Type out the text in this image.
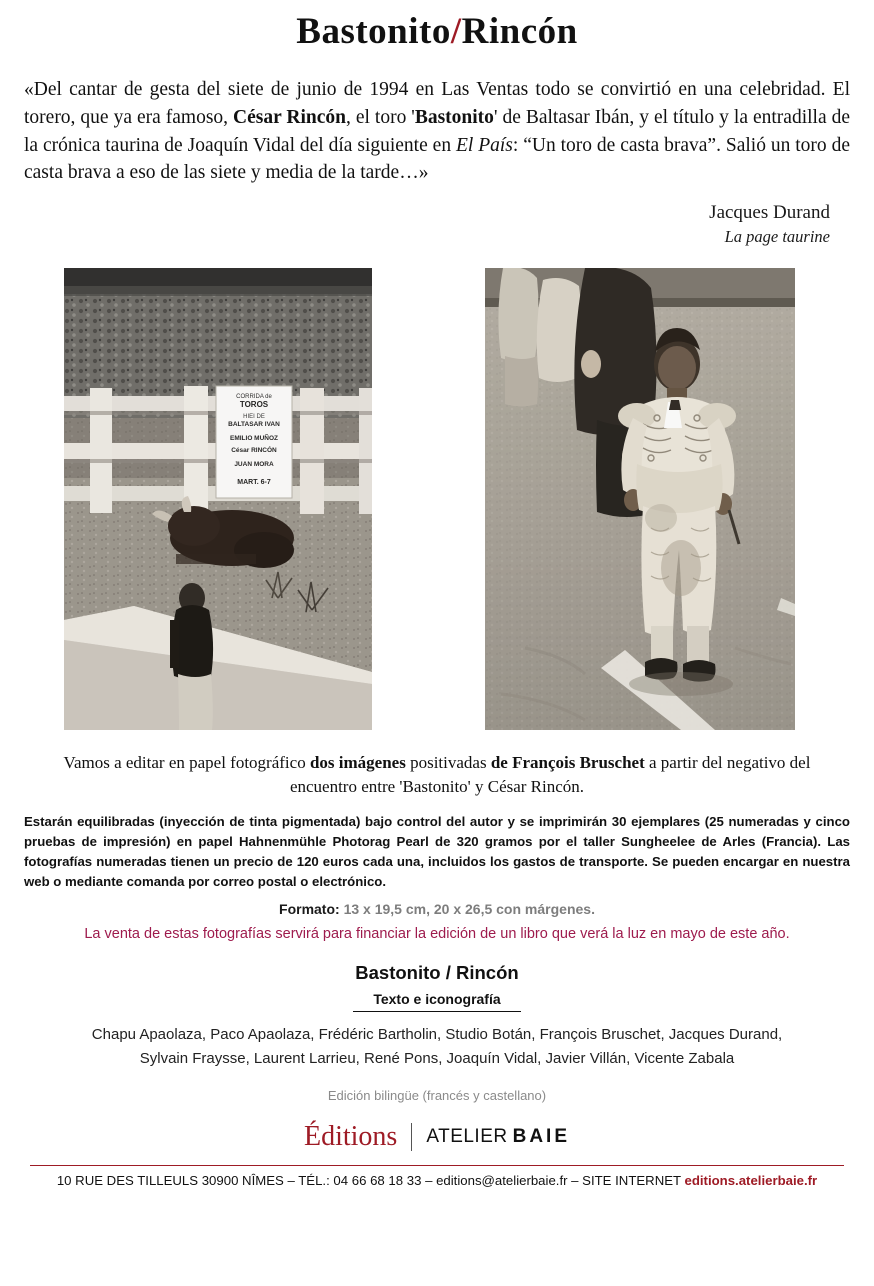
Bastonito/Rincón
«Del cantar de gesta del siete de junio de 1994 en Las Ventas todo se convirtió en una celebridad. El torero, que ya era famoso, César Rincón, el toro 'Bastonito' de Baltasar Ibán, y el título y la entradilla de la crónica taurina de Joaquín Vidal del día siguiente en El País: “Un toro de casta brava”. Salió un toro de casta brava a eso de las siete y media de la tarde…»
Jacques Durand
La page taurine
CORRIDA de
TOROS
HIEI DE
BALTASAR IVAN
EMILIO MUÑOZ
César RINCÓN
JUAN MORA
MART. 6-7
Vamos a editar en papel fotográfico dos imágenes positivadas de François Bruschet a partir del negativo del encuentro entre 'Bastonito' y César Rincón.
Estarán equilibradas (inyección de tinta pigmentada) bajo control del autor y se imprimirán 30 ejemplares (25 numeradas y cinco pruebas de impresión) en papel Hahnenmühle Photorag Pearl de 320 gramos por el taller Sungheelee de Arles (Francia). Las fotografías numeradas tienen un precio de 120 euros cada una, incluidos los gastos de transporte. Se pueden encargar en nuestra web o mediante comanda por correo postal o electrónico.
Formato: 13 x 19,5 cm, 20 x 26,5 con márgenes.
La venta de estas fotografías servirá para financiar la edición de un libro que verá la luz en mayo de este año.
Bastonito / Rincón
Texto e iconografía
Chapu Apaolaza, Paco Apaolaza, Frédéric Bartholin, Studio Botán, François Bruschet, Jacques Durand,
Sylvain Fraysse, Laurent Larrieu, René Pons, Joaquín Vidal, Javier Villán, Vicente Zabala
Edición bilingüe (francés y castellano)
Éditions	ATELIER BAIE
10 RUE DES TILLEULS 30900 NÎMES – TÉL.: 04 66 68 18 33 – editions@atelierbaie.fr – SITE INTERNET editions.atelierbaie.fr
